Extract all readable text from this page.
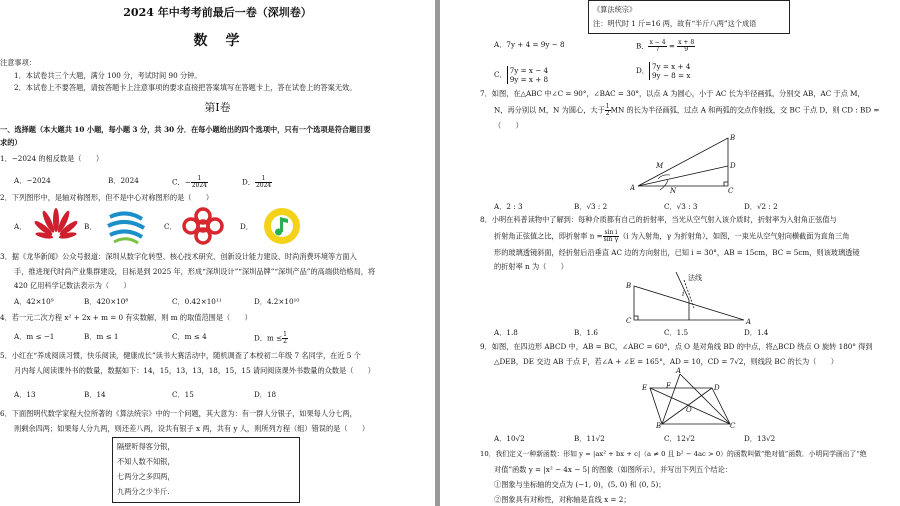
2024 年中考考前最后一卷（深圳卷）
数　学
注意事项：
1．本试卷共三个大题，满分 100 分，考试时间 90 分钟。
2．本试卷上不要答题，请按答题卡上注意事项的要求直接把答案填写在答题卡上，答在试卷上的答案无效。
第Ⅰ卷
一、选择题（本大题共 10 小题，每小题 3 分，共 30 分．在每小题给出的四个选项中，只有一个选项是符合题目要
求的）
1．−2024 的相反数是（　　）
A．−2024	B．2024	C．− $\frac{1}{2024}$	D． $\frac{1}{2024}$
2．下列图形中，是轴对称图形，但不是中心对称图形的是（　　）
A．	B．	C．	D．
3．据《龙华新闻》公众号报道：深圳从数字化转型、核心技术研究、创新设计能力建设、时尚消费环境等方面入
手，推进现代时尚产业集群建设，目标是到 2025 年，形成“深圳设计”“深圳品牌”“深圳产品”的高端供给格局，将
420 亿用科学记数法表示为（　　）
A．42×10⁹	B．420×10⁸	C．0.42×10¹¹	D．4.2×10¹⁰
4．若一元二次方程 x² + 2x + m = 0 有实数解，则 m 的取值范围是（　　）
A．m ≤ −1	B．m ≤ 1	C．m ≤ 4	D．$m \le \frac{1}{2}$
5．小红在“养成阅读习惯，快乐阅读，健康成长”读书大赛活动中，随机调查了本校初二年级 7 名同学，在近 5 个
月内每人阅读课外书的数量，数据如下：14，15，13，13，18，15，15 请问阅读课外书数量的众数是（　　）
A．13	B．14	C．15	D．18
6．下面图明代数学家程大位所著的《算法统宗》中的一个问题，其大意为：有一群人分银子，如果每人分七两，
则剩余四两；如果每人分九两，则还差八两，设共有银子 x 两，共有 y 人，则所列方程（组）错误的是（　　）
隔壁听得客分银，
不知人数不知银，
七两分之多四两，
九两分之少半斤.
《算法统宗》
注：明代时 1 斤=16 两，故有“半斤八两”这个成语
A．7y + 4 = 9y − 8	B． $\frac{x - 4}{7} = \frac{x + 8}{9}$
C． 7y = x − 4
9y = x + 8
D． 7y = x + 4
9y − 8 = x
7．如图，在△ABC 中∠C = 90°，∠BAC = 30°，以点 A 为圆心，小于 AC 长为半径画弧，分别交 AB，AC 于点 M，
N，再分别以 M，N 为圆心，大于 $\frac{1}{2}$ MN 的长为半径画弧，过点 A 和两弧的交点作射线，交 BC 于点 D，则 CD : BD =
（　　）
B
M	D
A	N	C
A．2 : 3	B．√3 : 2	C．√3 : 3	D．√2 : 2
8．小明在科普读物中了解到：每种介质都有自己的折射率，当光从空气射入该介质时，折射率为入射角正弦值与
折射角正弦值之比，即折射率 $n = \frac{\text{sin i}}{\text{sin γ}} (i$ 为入射角，γ 为折射角），如图，一束光从空气射向横截面为直角三角
形的玻璃透镜斜面，经折射后沿垂直 AC 边的方向射出，已知 i = 30°，AB = 15cm，BC = 5cm，则该玻璃透镜
的折射率 n 为（　　）
法线
B
C	A
i
A．1.8	B．1.6	C．1.5	D．1.4
9．如图，在四边形 ABCD 中，AB = BC，∠ABC = 60°，点 O 是对角线 BD 的中点，将△BCD 绕点 O 旋转 180° 得到
△DEB，DE 交边 AB 于点 F，若∠A + ∠E = 165°，AD = 10，CD = 7√2，则线段 BC 的长为（　　）
A
D
E	F
O
B	C
A．10√2	B．11√2	C．12√2	D．13√2
10．我们定义一种新函数：形如 y = |ax² + bx + c|（a ≠ 0 且 b² − 4ac > 0）的函数叫做“绝对值”函数．小明同学画出了“绝
对值”函数 y = |x² − 4x − 5| 的图象（如图所示），并写出下列五个结论：
①图象与坐标轴的交点为 (−1, 0)，(5, 0) 和 (0, 5)；
②图象具有对称性，对称轴是直线 x = 2；
